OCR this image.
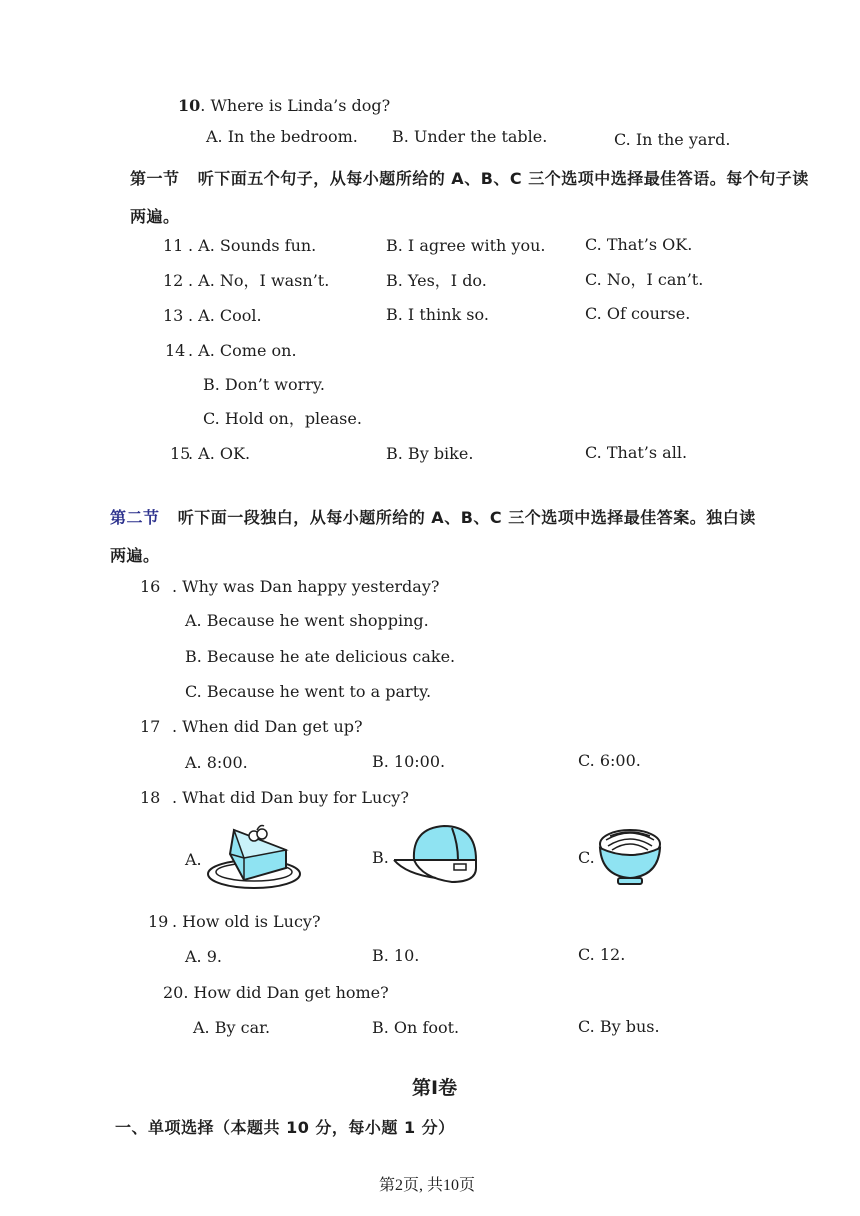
10. Where is Linda’s dog?
A. In the bedroom. B. Under the table.	C. In the yard.
第一节 听下面五个句子，从每小题所给的 A、B、C 三个选项中选择最佳答语。每个句子读
两遍。
11 . A. Sounds fun.	B. I agree with you. C. That’s OK.
12 . A. No，I wasn’t.	B. Yes，I do.	C. No，I can’t.
13 . A. Cool.	B. I think so.	C. Of course.
14 . A. Come on.
B. Don’t worry.
C. Hold on，please.
15
. A. OK.	B. By bike.	C. That’s all.
第二节 听下面一段独白，从每小题所给的 A、B、C 三个选项中选择最佳答案。独白读
两遍。
16 . Why was Dan happy yesterday?
A. Because he went shopping.
B. Because he ate delicious cake.
C. Because he went to a party.
17 . When did Dan get up?
A. 8:00.	B. 10:00.	C. 6:00.
18 . What did Dan buy for Lucy?
A.	B.	C.
19 . How old is Lucy?
A. 9.	B. 10.	C. 12.
20. How did Dan get home?
A. By car.	B. On foot.	C. By bus.
第Ⅰ卷
一、单项选择（本题共 10 分，每小题 1 分）
第2页, 共10页
